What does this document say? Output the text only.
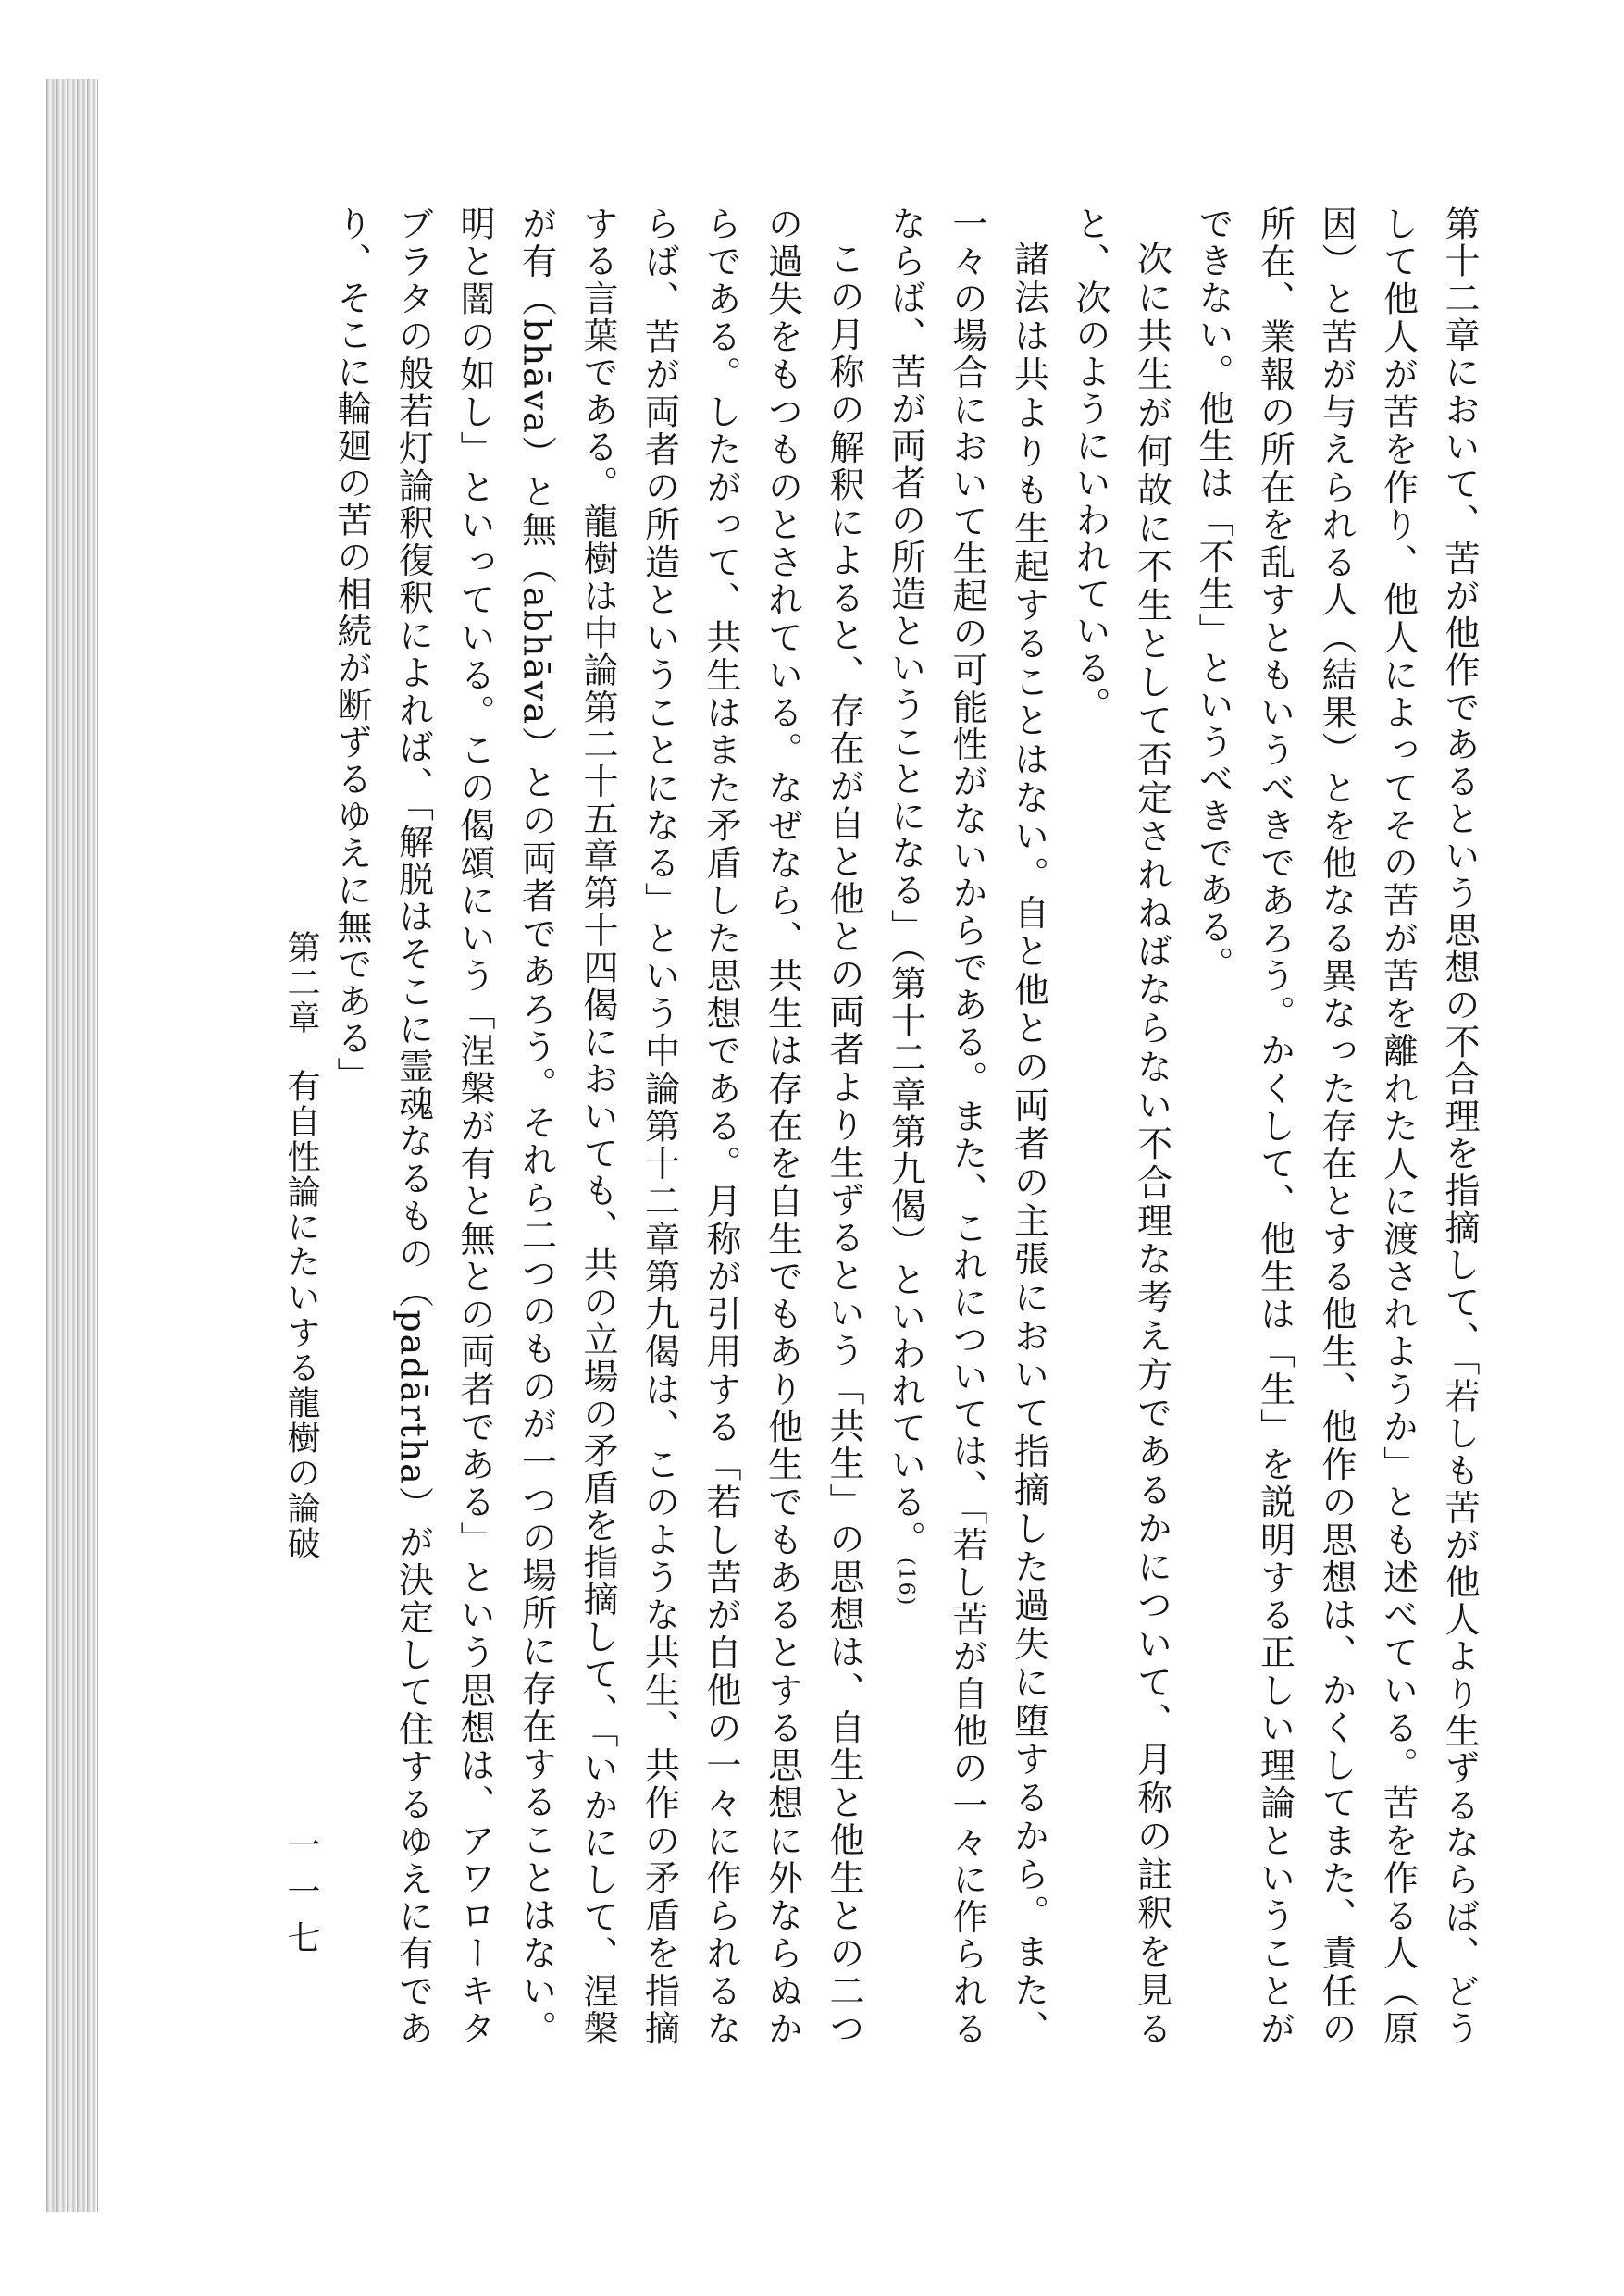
第十二章において、苦が他作であるという思想の不合理を指摘して、「若しも苦が他人より生ずるならば、どうして他人が苦を作り、他人によってその苦が苦を離れた人に渡されようか」とも述べている。苦を作る人（原因）と苦が与えられる人（結果）とを他なる異なった存在とする他生、他作の思想は、かくしてまた、責任の所在、業報の所在を乱すともいうべきであろう。かくして、他生は「生」を説明する正しい理論ということができない。他生は「不生」というべきである。

次に共生が何故に不生として否定されねばならない不合理な考え方であるかについて、月称の註釈を見ると、次のようにいわれている。

諸法は共よりも生起することはない。自と他との両者の主張において指摘した過失に堕するから。また、一々の場合において生起の可能性がないからである。また、これについては、「若し苦が自他の一々に作られるならば、苦が両者の所造ということになる」（第十二章第九偈）といわれている。(16)

この月称の解釈によると、存在が自と他との両者より生ずるという「共生」の思想は、自生と他生との二つの過失をもつものとされている。なぜなら、共生は存在を自生でもあり他生でもあるとする思想に外ならぬからである。したがって、共生はまた矛盾した思想である。月称が引用する「若し苦が自他の一々に作られるならば、苦が両者の所造ということになる」という中論第十二章第九偈は、このような共生、共作の矛盾を指摘する言葉である。龍樹は中論第二十五章第十四偈においても、共の立場の矛盾を指摘して、「いかにして、涅槃が有（bhāva）と無（abhāva）との両者であろう。それら二つのものが一つの場所に存在することはない。明と闇の如し」といっている。この偈頌にいう「涅槃が有と無との両者である」という思想は、アワローキタブラタの般若灯論釈復釈によれば、「解脱はそこに霊魂なるもの（padārtha）が決定して住するゆえに有であり、そこに輪廻の苦の相続が断ずるゆえに無である」

第二章有自性論にたいする龍樹の論破
一一七
